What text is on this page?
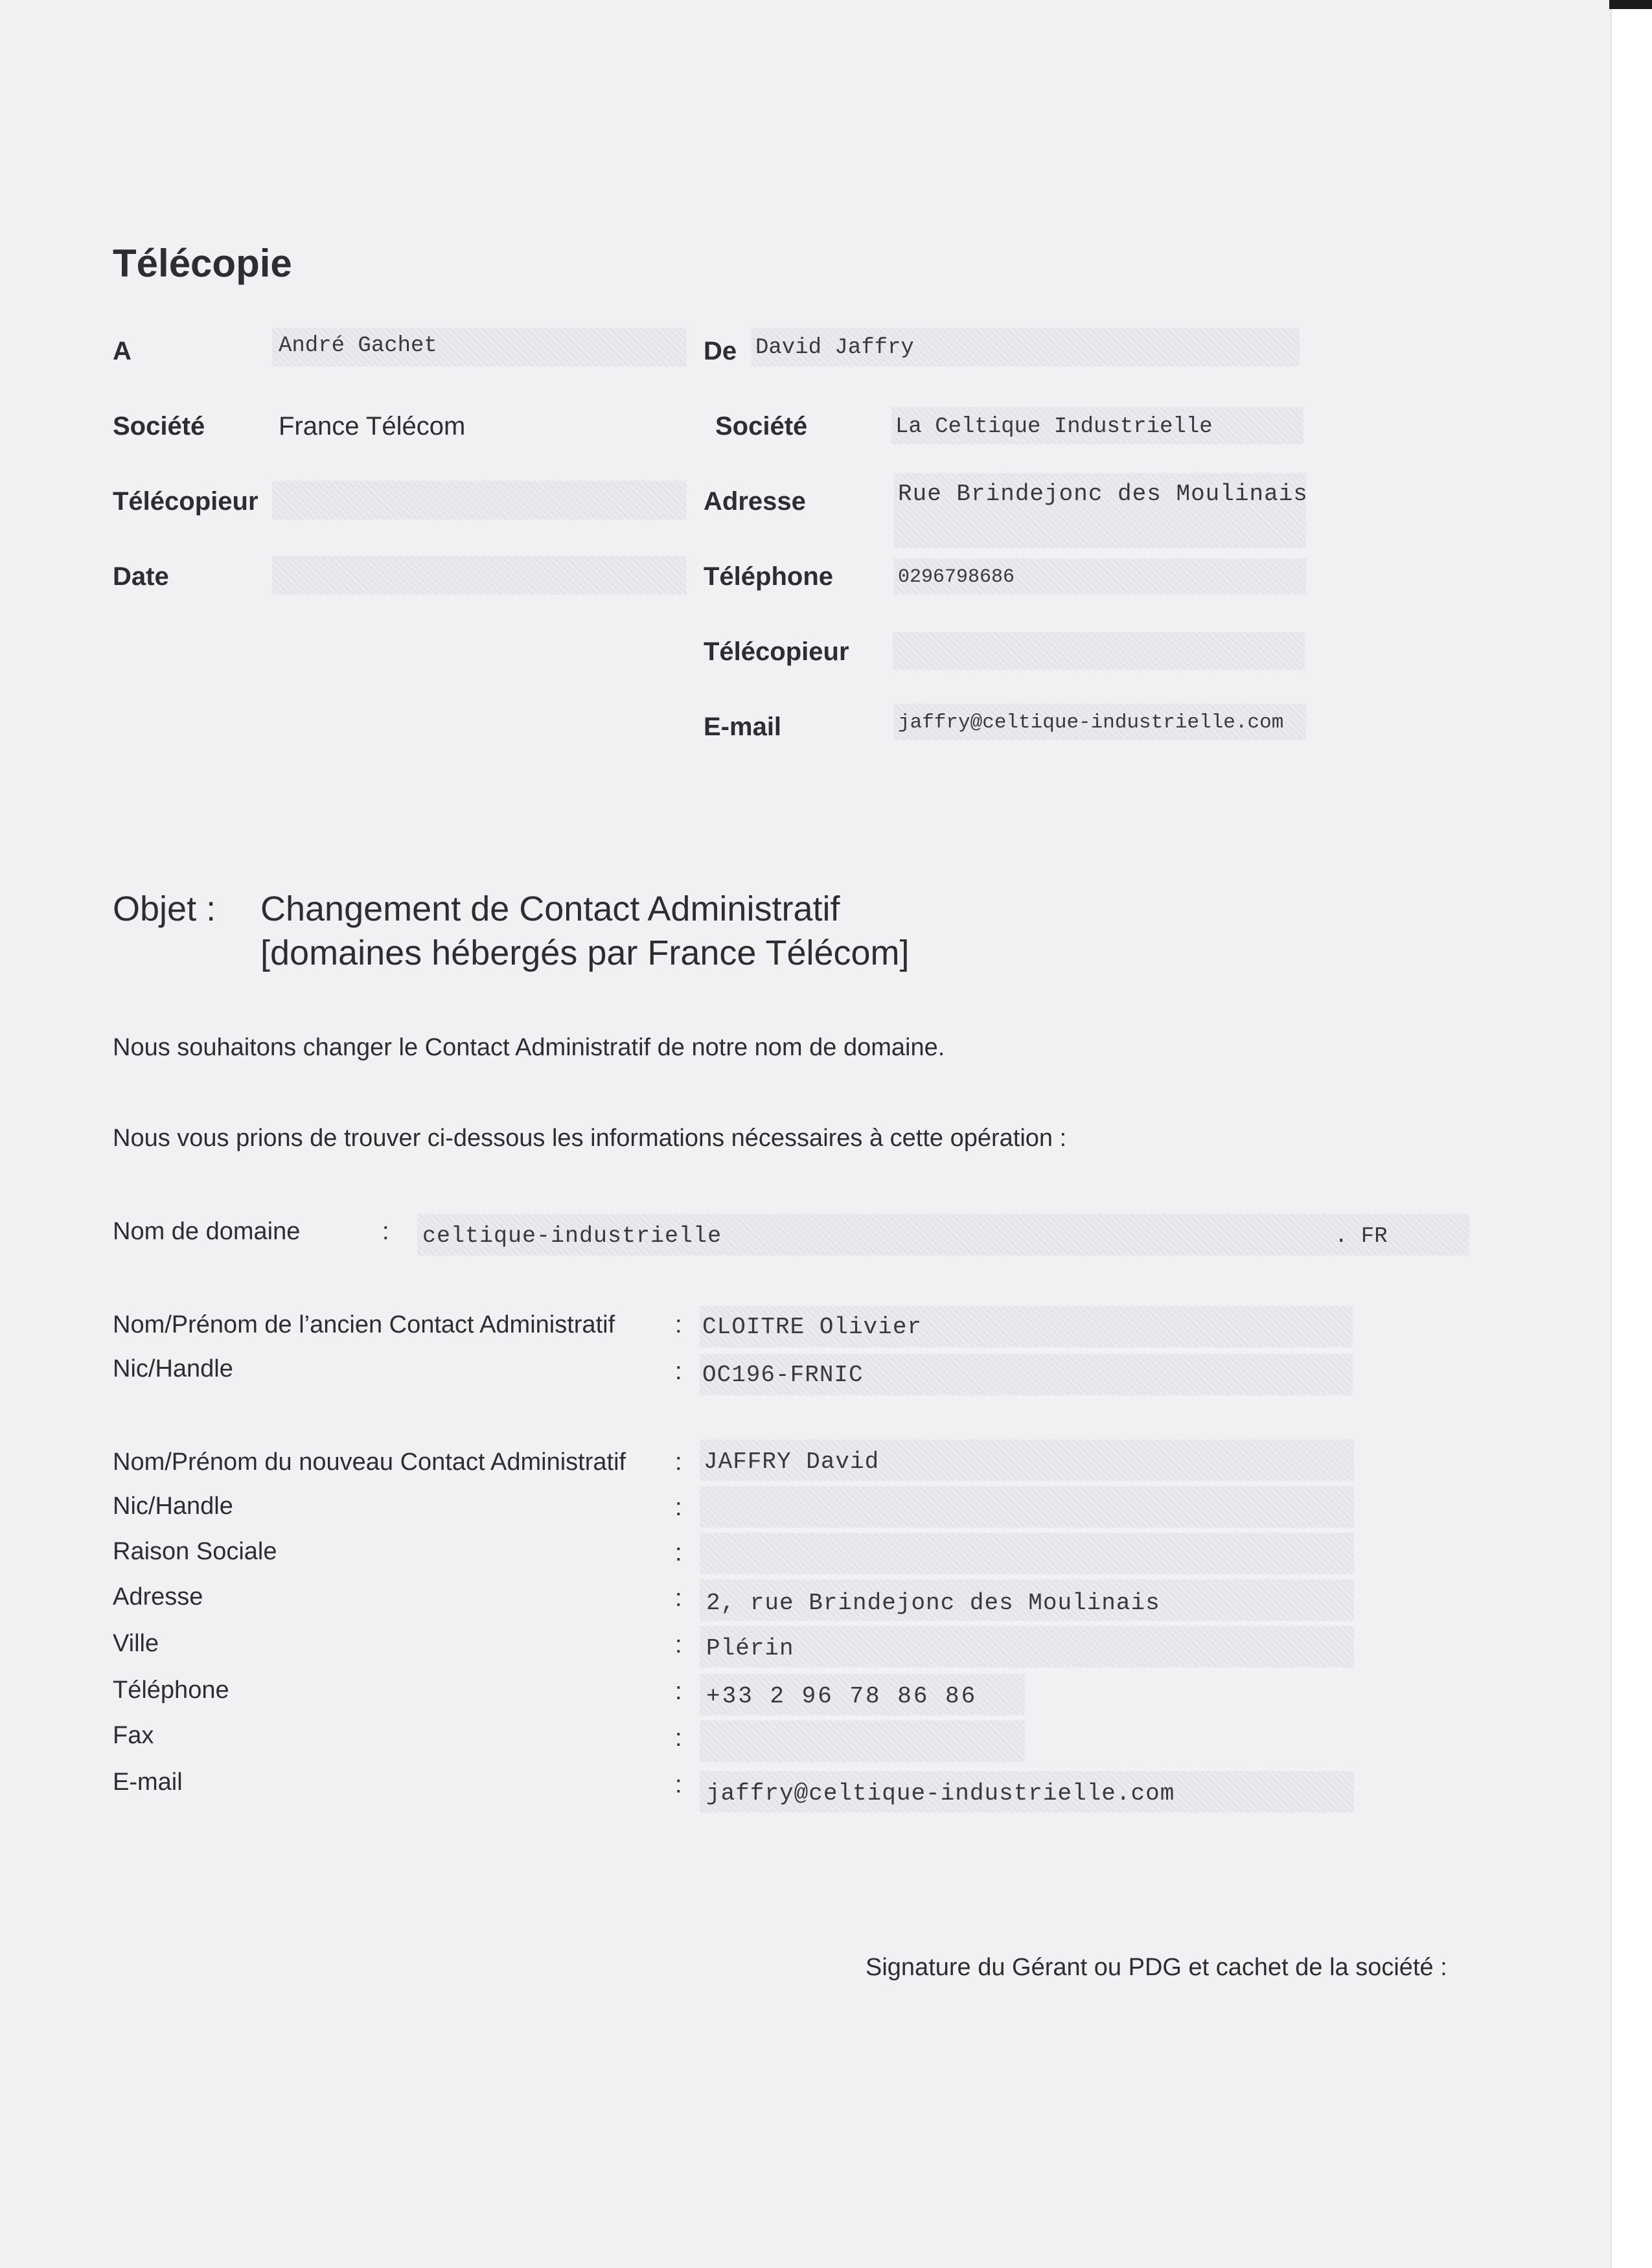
Télécopie
A	André Gachet
Société	France Télécom
Télécopieur
Date
De David Jaffry
Société	La Celtique Industrielle
Adresse	Rue Brindejonc des Moulinais
Téléphone	0296798686
Télécopieur
E-mail	jaffry@celtique-industrielle.com
Objet : Changement de Contact Administratif
[domaines hébergés par France Télécom]
Nous souhaitons changer le Contact Administratif de notre nom de domaine.
Nous vous prions de trouver ci-dessous les informations nécessaires à cette opération :
Nom de domaine	: celtique-industrielle	. FR
Nom/Prénom de l’ancien Contact Administratif : CLOITRE Olivier
Nic/Handle	: OC196-FRNIC
Nom/Prénom du nouveau Contact Administratif : JAFFRY David
Nic/Handle	:
Raison Sociale	:
Adresse	: 2, rue Brindejonc des Moulinais
Ville	: Plérin
Téléphone	: +33 2 96 78 86 86
Fax	:
E-mail	: jaffry@celtique-industrielle.com
Signature du Gérant ou PDG et cachet de la société :
